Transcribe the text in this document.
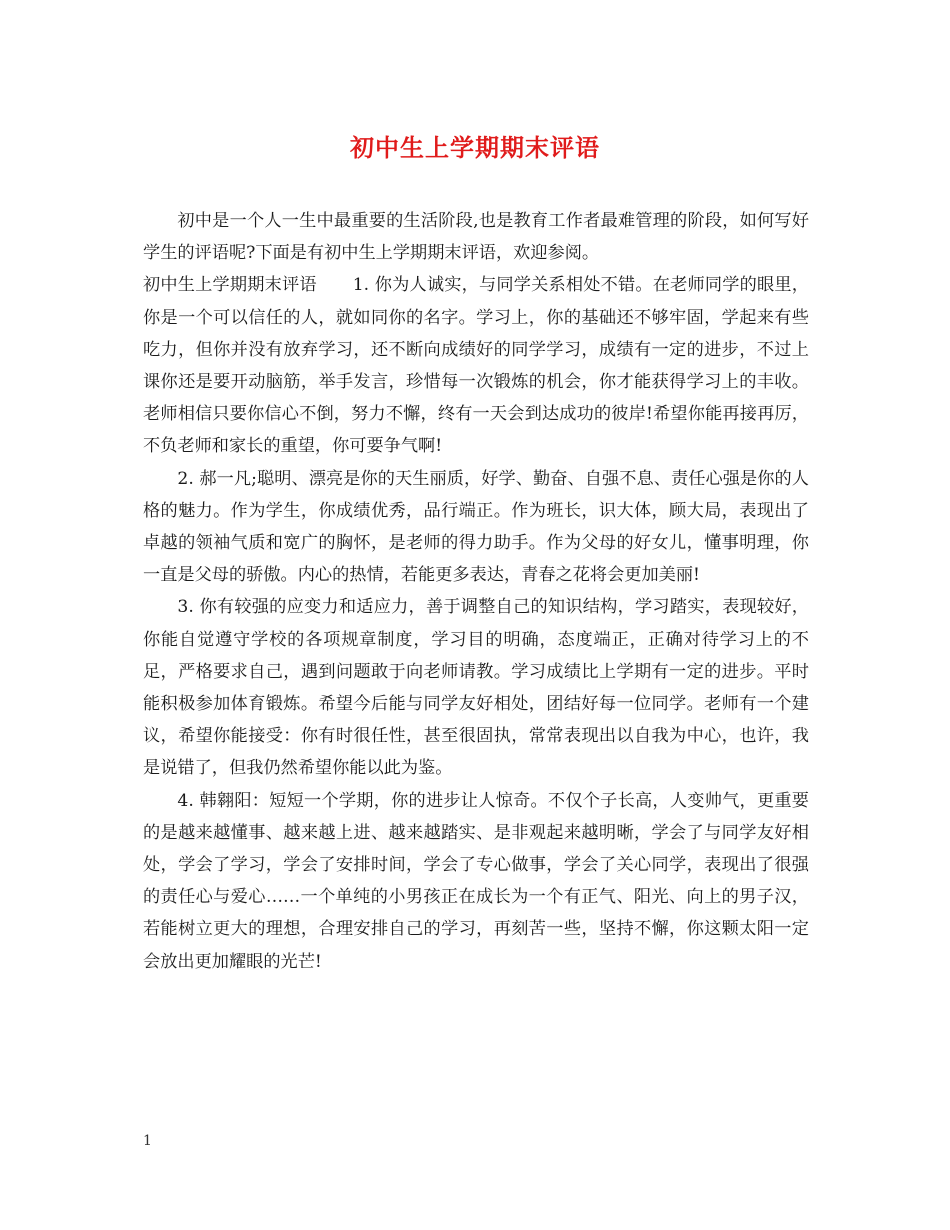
初中生上学期期末评语

初中是一个人一生中最重要的生活阶段,也是教育工作者最难管理的阶段，如何写好学生的评语呢?下面是有初中生上学期期末评语，欢迎参阅。

初中生上学期期末评语 1. 你为人诚实，与同学关系相处不错。在老师同学的眼里，你是一个可以信任的人，就如同你的名字。学习上，你的基础还不够牢固，学起来有些吃力，但你并没有放弃学习，还不断向成绩好的同学学习，成绩有一定的进步，不过上课你还是要开动脑筋，举手发言，珍惜每一次锻炼的机会，你才能获得学习上的丰收。老师相信只要你信心不倒，努力不懈，终有一天会到达成功的彼岸!希望你能再接再厉，不负老师和家长的重望，你可要争气啊!

2. 郝一凡;聪明、漂亮是你的天生丽质，好学、勤奋、自强不息、责任心强是你的人格的魅力。作为学生，你成绩优秀，品行端正。作为班长，识大体，顾大局，表现出了卓越的领袖气质和宽广的胸怀，是老师的得力助手。作为父母的好女儿，懂事明理，你一直是父母的骄傲。内心的热情，若能更多表达，青春之花将会更加美丽!

3. 你有较强的应变力和适应力，善于调整自己的知识结构，学习踏实，表现较好，你能自觉遵守学校的各项规章制度，学习目的明确，态度端正，正确对待学习上的不足，严格要求自己，遇到问题敢于向老师请教。学习成绩比上学期有一定的进步。平时能积极参加体育锻炼。希望今后能与同学友好相处，团结好每一位同学。老师有一个建议，希望你能接受：你有时很任性，甚至很固执，常常表现出以自我为中心，也许，我是说错了，但我仍然希望你能以此为鉴。

4. 韩翱阳：短短一个学期，你的进步让人惊奇。不仅个子长高，人变帅气，更重要的是越来越懂事、越来越上进、越来越踏实、是非观起来越明晰，学会了与同学友好相处，学会了学习，学会了安排时间，学会了专心做事，学会了关心同学，表现出了很强的责任心与爱心……一个单纯的小男孩正在成长为一个有正气、阳光、向上的男子汉，若能树立更大的理想，合理安排自己的学习，再刻苦一些，坚持不懈，你这颗太阳一定会放出更加耀眼的光芒!

1
